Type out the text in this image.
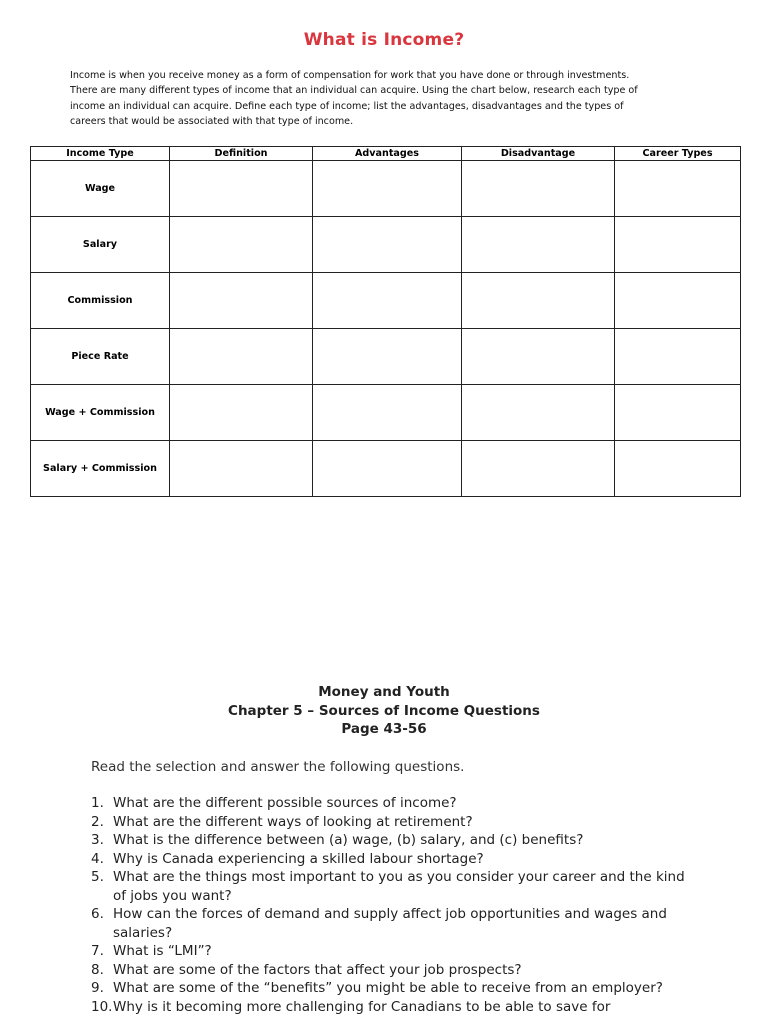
What is Income?
Income is when you receive money as a form of compensation for work that you have done or through investments.
There are many different types of income that an individual can acquire. Using the chart below, research each type of
income an individual can acquire. Define each type of income; list the advantages, disadvantages and the types of
careers that would be associated with that type of income.
Income Type	Definition	Advantages	Disadvantage	Career Types
Wage				
Salary				
Commission				
Piece Rate				
Wage + Commission				
Salary + Commission				
Money and Youth
Chapter 5 – Sources of Income Questions
Page 43-56
Read the selection and answer the following questions.
1. What are the different possible sources of income?
2. What are the different ways of looking at retirement?
3. What is the difference between (a) wage, (b) salary, and (c) benefits?
4. Why is Canada experiencing a skilled labour shortage?
5. What are the things most important to you as you consider your career and the kind of jobs you want?
6. How can the forces of demand and supply affect job opportunities and wages and salaries?
7. What is “LMI”?
8. What are some of the factors that affect your job prospects?
9. What are some of the “benefits” you might be able to receive from an employer?
10. Why is it becoming more challenging for Canadians to be able to save for
